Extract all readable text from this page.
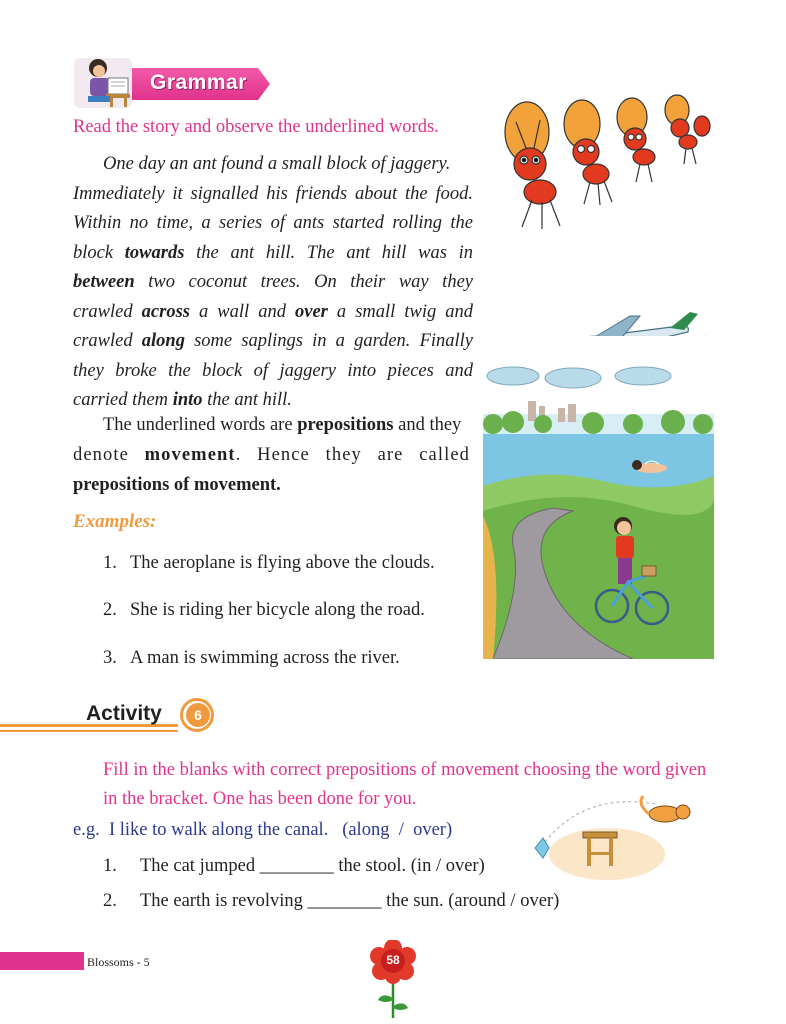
Grammar
Read the story and observe the underlined words.
One day an ant found a small block of jaggery.
Immediately it signalled his friends about the food.
Within no time, a series of ants started rolling the
block towards the ant hill. The ant hill was in
between two coconut trees. On their way they
crawled across a wall and over a small twig and
crawled along some saplings in a garden. Finally
they broke the block of jaggery into pieces and
carried them into the ant hill.
The underlined words are prepositions and they
denote movement. Hence they are called
prepositions of movement.
Examples:
1. The aeroplane is flying above the clouds.
2. She is riding her bicycle along the road.
3. A man is swimming across the river.
Activity	6
Fill in the blanks with correct prepositions of movement choosing the word given in the bracket. One has been done for you.
e.g.  I like to walk along the canal.   (along  /  over)
1. The cat jumped ________ the stool. (in / over)
2. The earth is revolving ________ the sun. (around / over)
Blossoms - 5	58
